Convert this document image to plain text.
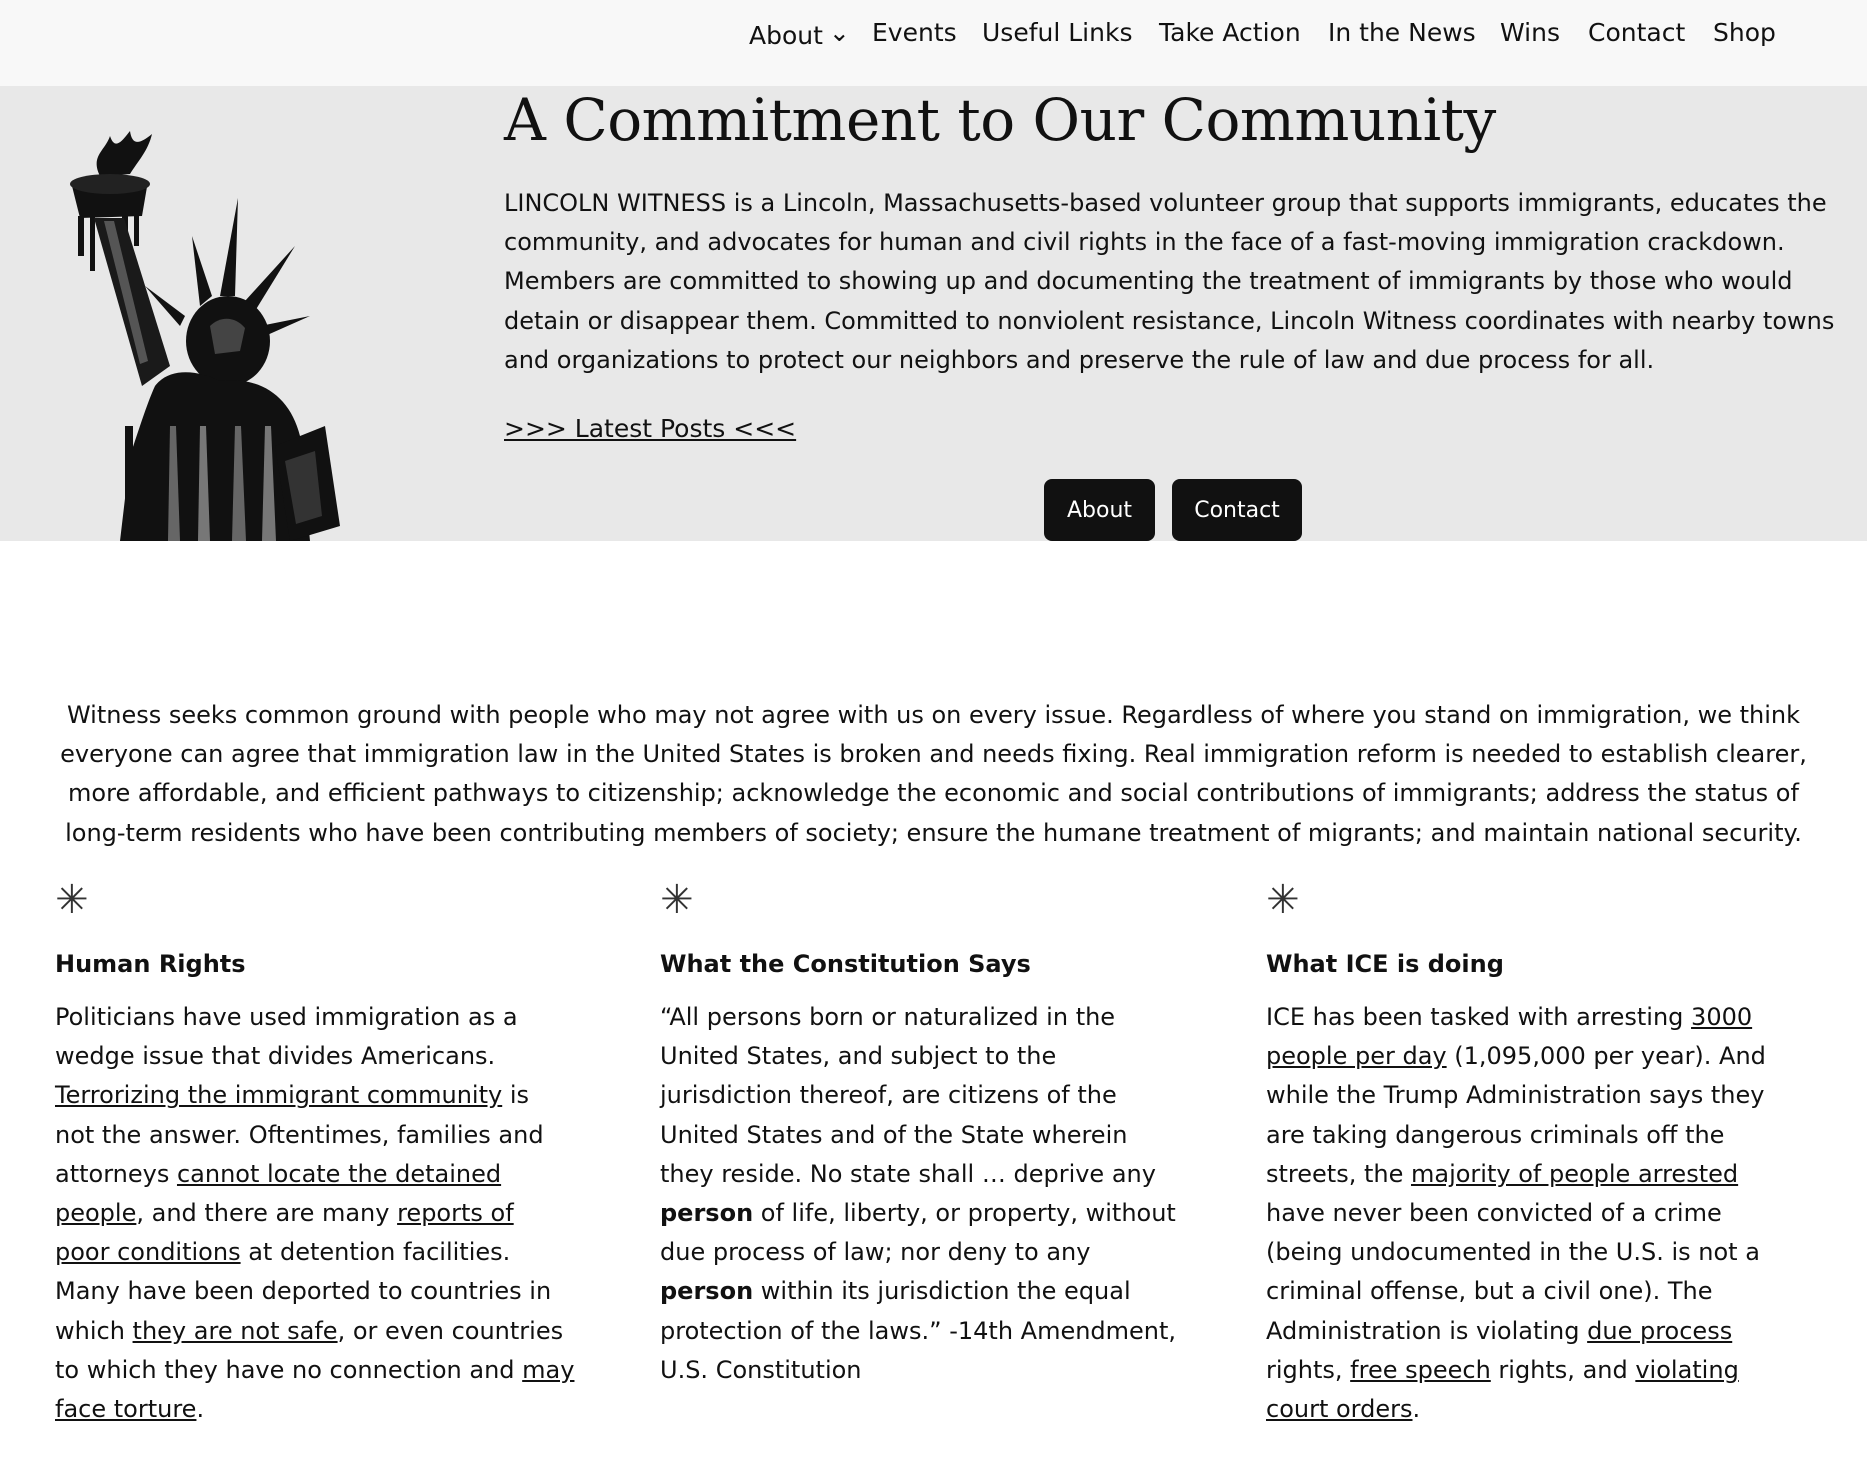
About ⌄ Events Useful Links Take Action In the News Wins Contact Shop
A Commitment to Our Community

LINCOLN WITNESS is a Lincoln, Massachusetts-based volunteer group that supports immigrants, educates the community, and advocates for human and civil rights in the face of a fast-moving immigration crackdown. Members are committed to showing up and documenting the treatment of immigrants by those who would detain or disappear them. Committed to nonviolent resistance, Lincoln Witness coordinates with nearby towns and organizations to protect our neighbors and preserve the rule of law and due process for all.

>>> Latest Posts <<<
About	Contact

Witness seeks common ground with people who may not agree with us on every issue. Regardless of where you stand on immigration, we think everyone can agree that immigration law in the United States is broken and needs fixing. Real immigration reform is needed to establish clearer, more affordable, and efficient pathways to citizenship; acknowledge the economic and social contributions of immigrants; address the status of long-term residents who have been contributing members of society; ensure the humane treatment of migrants; and maintain national security.

✳
Human Rights

Politicians have used immigration as a wedge issue that divides Americans. Terrorizing the immigrant community is not the answer. Oftentimes, families and attorneys cannot locate the detained people, and there are many reports of poor conditions at detention facilities. Many have been deported to countries in which they are not safe, or even countries to which they have no connection and may face torture.

✳
What the Constitution Says

“All persons born or naturalized in the United States, and subject to the jurisdiction thereof, are citizens of the United States and of the State wherein they reside. No state shall … deprive any person of life, liberty, or property, without due process of law; nor deny to any person within its jurisdiction the equal protection of the laws.” -14th Amendment, U.S. Constitution

✳
What ICE is doing

ICE has been tasked with arresting 3000 people per day (1,095,000 per year). And while the Trump Administration says they are taking dangerous criminals off the streets, the majority of people arrested have never been convicted of a crime (being undocumented in the U.S. is not a criminal offense, but a civil one). The Administration is violating due process rights, free speech rights, and violating court orders.
